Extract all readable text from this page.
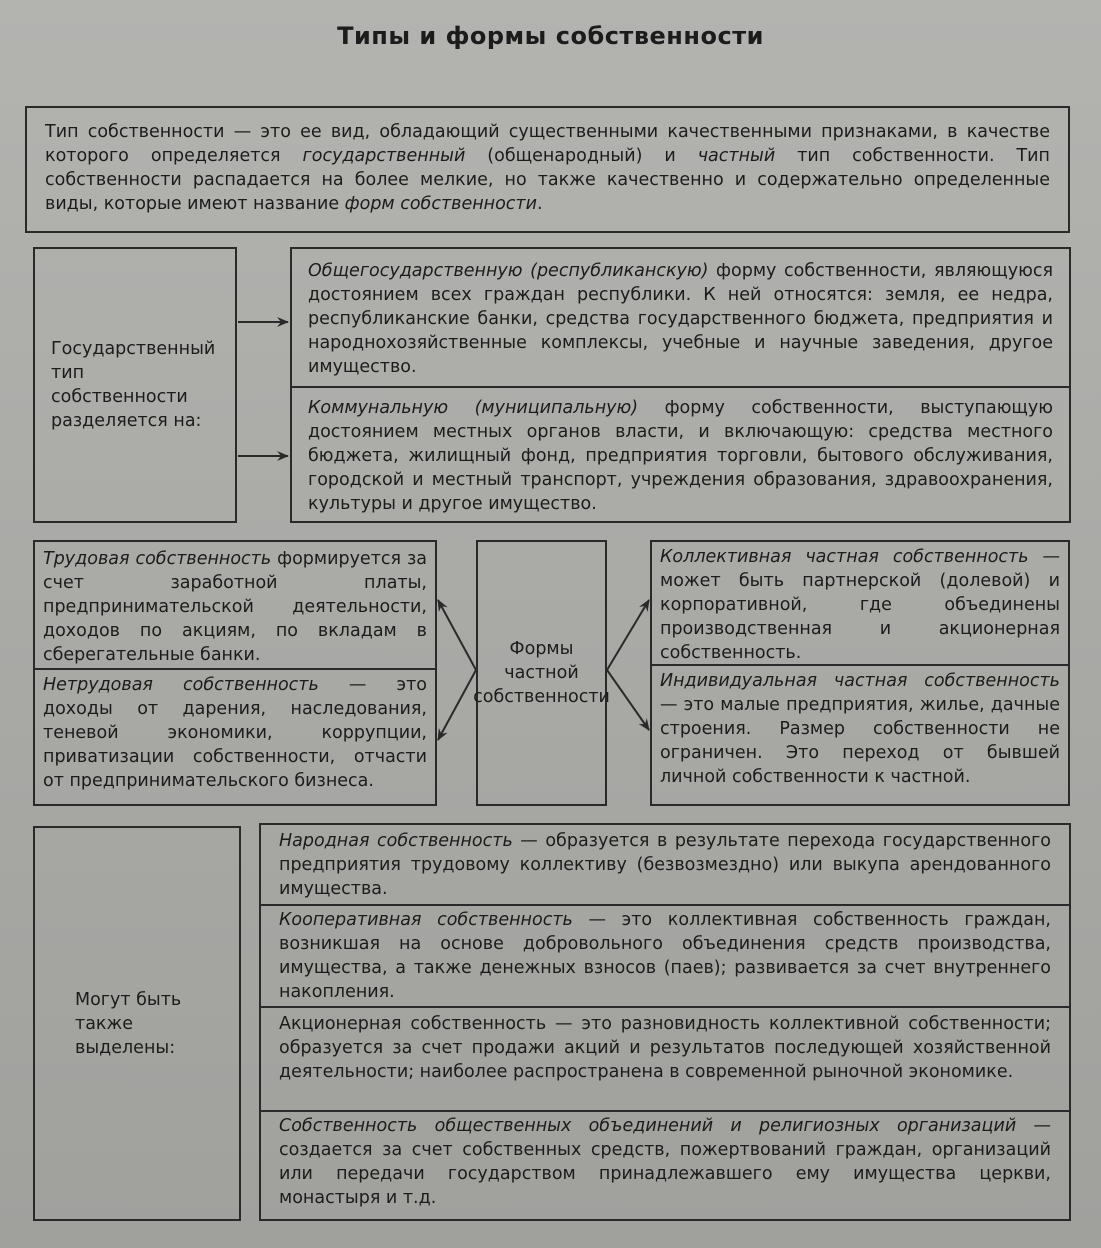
Типы и формы собственности
Тип собственности — это ее вид, обладающий существенными качественными признаками, в качестве которого определяется государственный (общенародный) и частный тип собственности. Тип собственности распадается на более мелкие, но также качественно и содержательно определенные виды, которые имеют название форм собственности.
Государственный тип собственности разделяется на:
Общегосударственную (республиканскую) форму собственности, являющуюся достоянием всех граждан республики. К ней относятся: земля, ее недра, республиканские банки, средства государственного бюджета, предприятия и народнохозяйственные комплексы, учебные и научные заведения, другое имущество.
Коммунальную (муниципальную) форму собственности, выступающую достоянием местных органов власти, и включающую: средства местного бюджета, жилищный фонд, предприятия торговли, бытового обслуживания, городской и местный транспорт, учреждения образования, здравоохранения, культуры и другое имущество.
Трудовая собственность формируется за счет заработной платы, предпринимательской деятельности, доходов по акциям, по вкладам в сберегательные банки.
Нетрудовая собственность — это доходы от дарения, наследования, теневой экономики, коррупции, приватизации собственности, отчасти от предпринимательского бизнеса.
Формы частной собственности
Коллективная частная собственность — может быть партнерской (долевой) и корпоративной, где объединены производственная и акционерная собственность.
Индивидуальная частная собственность — это малые предприятия, жилье, дачные строения. Размер собственности не ограничен. Это переход от бывшей личной собственности к частной.
Могут быть также выделены:
Народная собственность — образуется в результате перехода государственного предприятия трудовому коллективу (безвозмездно) или выкупа арендованного имущества.
Кооперативная собственность — это коллективная собственность граждан, возникшая на основе добровольного объединения средств производства, имущества, а также денежных взносов (паев); развивается за счет внутреннего накопления.
Акционерная собственность — это разновидность коллективной собственности; образуется за счет продажи акций и результатов последующей хозяйственной деятельности; наиболее распространена в современной рыночной экономике.
Собственность общественных объединений и религиозных организаций — создается за счет собственных средств, пожертвований граждан, организаций или передачи государством принадлежавшего ему имущества церкви, монастыря и т.д.
